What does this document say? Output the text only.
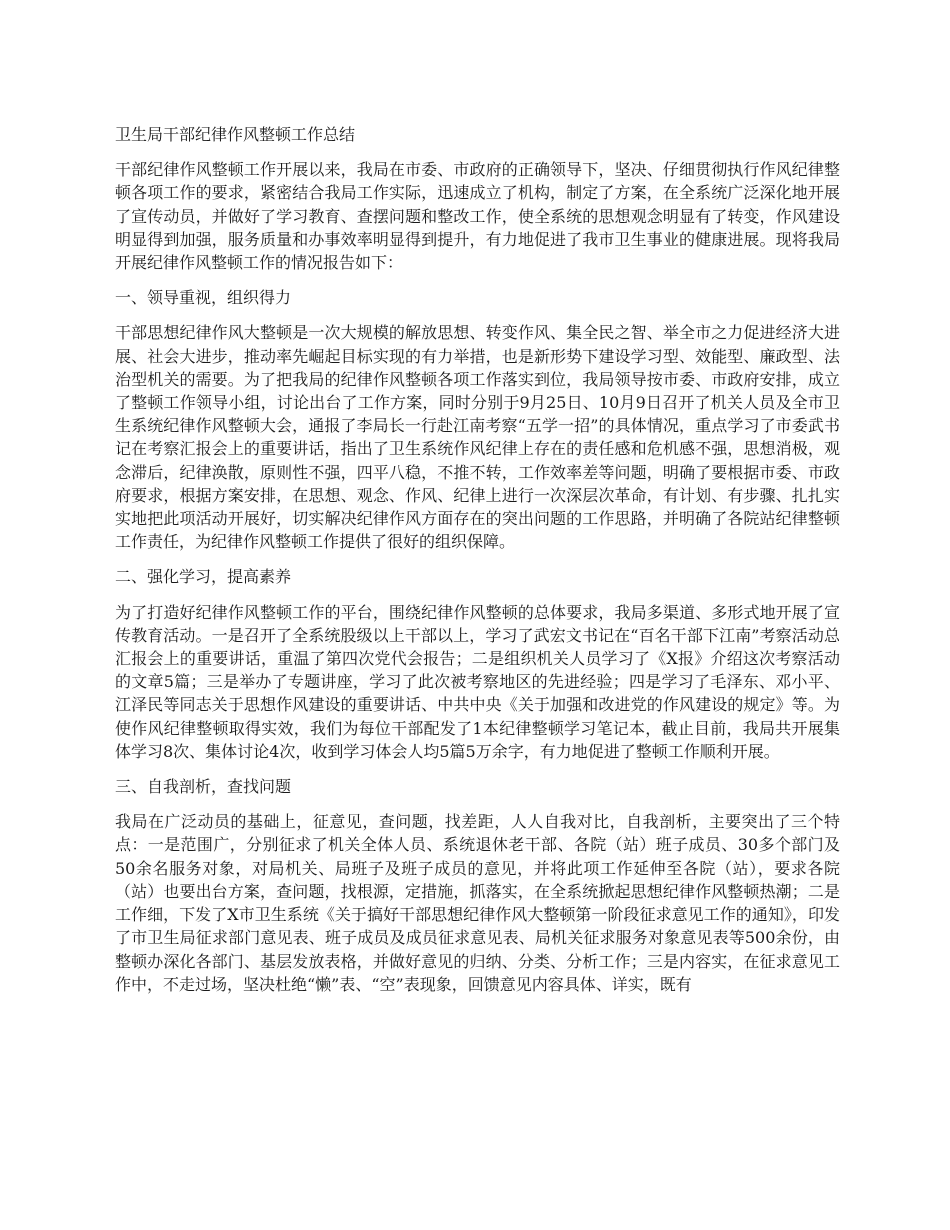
卫生局干部纪律作风整顿工作总结

干部纪律作风整顿工作开展以来，我局在市委、市政府的正确领导下，坚决、仔细贯彻执行作风纪律整顿各项工作的要求，紧密结合我局工作实际，迅速成立了机构，制定了方案，在全系统广泛深化地开展了宣传动员，并做好了学习教育、查摆问题和整改工作，使全系统的思想观念明显有了转变，作风建设明显得到加强，服务质量和办事效率明显得到提升，有力地促进了我市卫生事业的健康进展。现将我局开展纪律作风整顿工作的情况报告如下：

一、领导重视，组织得力

干部思想纪律作风大整顿是一次大规模的解放思想、转变作风、集全民之智、举全市之力促进经济大进展、社会大进步，推动率先崛起目标实现的有力举措，也是新形势下建设学习型、效能型、廉政型、法治型机关的需要。为了把我局的纪律作风整顿各项工作落实到位，我局领导按市委、市政府安排，成立了整顿工作领导小组，讨论出台了工作方案，同时分别于9月25日、10月9日召开了机关人员及全市卫生系统纪律作风整顿大会，通报了李局长一行赴江南考察“五学一招”的具体情况，重点学习了市委武书记在考察汇报会上的重要讲话，指出了卫生系统作风纪律上存在的责任感和危机感不强，思想消极，观念滞后，纪律涣散，原则性不强，四平八稳，不推不转，工作效率差等问题，明确了要根据市委、市政府要求，根据方案安排，在思想、观念、作风、纪律上进行一次深层次革命，有计划、有步骤、扎扎实实地把此项活动开展好，切实解决纪律作风方面存在的突出问题的工作思路，并明确了各院站纪律整顿工作责任，为纪律作风整顿工作提供了很好的组织保障。

二、强化学习，提高素养

为了打造好纪律作风整顿工作的平台，围绕纪律作风整顿的总体要求，我局多渠道、多形式地开展了宣传教育活动。一是召开了全系统股级以上干部以上，学习了武宏文书记在“百名干部下江南”考察活动总汇报会上的重要讲话，重温了第四次党代会报告；二是组织机关人员学习了《X报》介绍这次考察活动的文章5篇；三是举办了专题讲座，学习了此次被考察地区的先进经验；四是学习了毛泽东、邓小平、江泽民等同志关于思想作风建设的重要讲话、中共中央《关于加强和改进党的作风建设的规定》等。为使作风纪律整顿取得实效，我们为每位干部配发了1本纪律整顿学习笔记本，截止目前，我局共开展集体学习8次、集体讨论4次，收到学习体会人均5篇5万余字，有力地促进了整顿工作顺利开展。

三、自我剖析，查找问题

我局在广泛动员的基础上，征意见，查问题，找差距，人人自我对比，自我剖析，主要突出了三个特点：一是范围广，分别征求了机关全体人员、系统退休老干部、各院（站）班子成员、30多个部门及50余名服务对象，对局机关、局班子及班子成员的意见，并将此项工作延伸至各院（站），要求各院（站）也要出台方案，查问题，找根源，定措施，抓落实，在全系统掀起思想纪律作风整顿热潮；二是工作细，下发了X市卫生系统《关于搞好干部思想纪律作风大整顿第一阶段征求意见工作的通知》，印发了市卫生局征求部门意见表、班子成员及成员征求意见表、局机关征求服务对象意见表等500余份，由整顿办深化各部门、基层发放表格，并做好意见的归纳、分类、分析工作；三是内容实，在征求意见工作中，不走过场，坚决杜绝“懒”表、“空”表现象，回馈意见内容具体、详实，既有
